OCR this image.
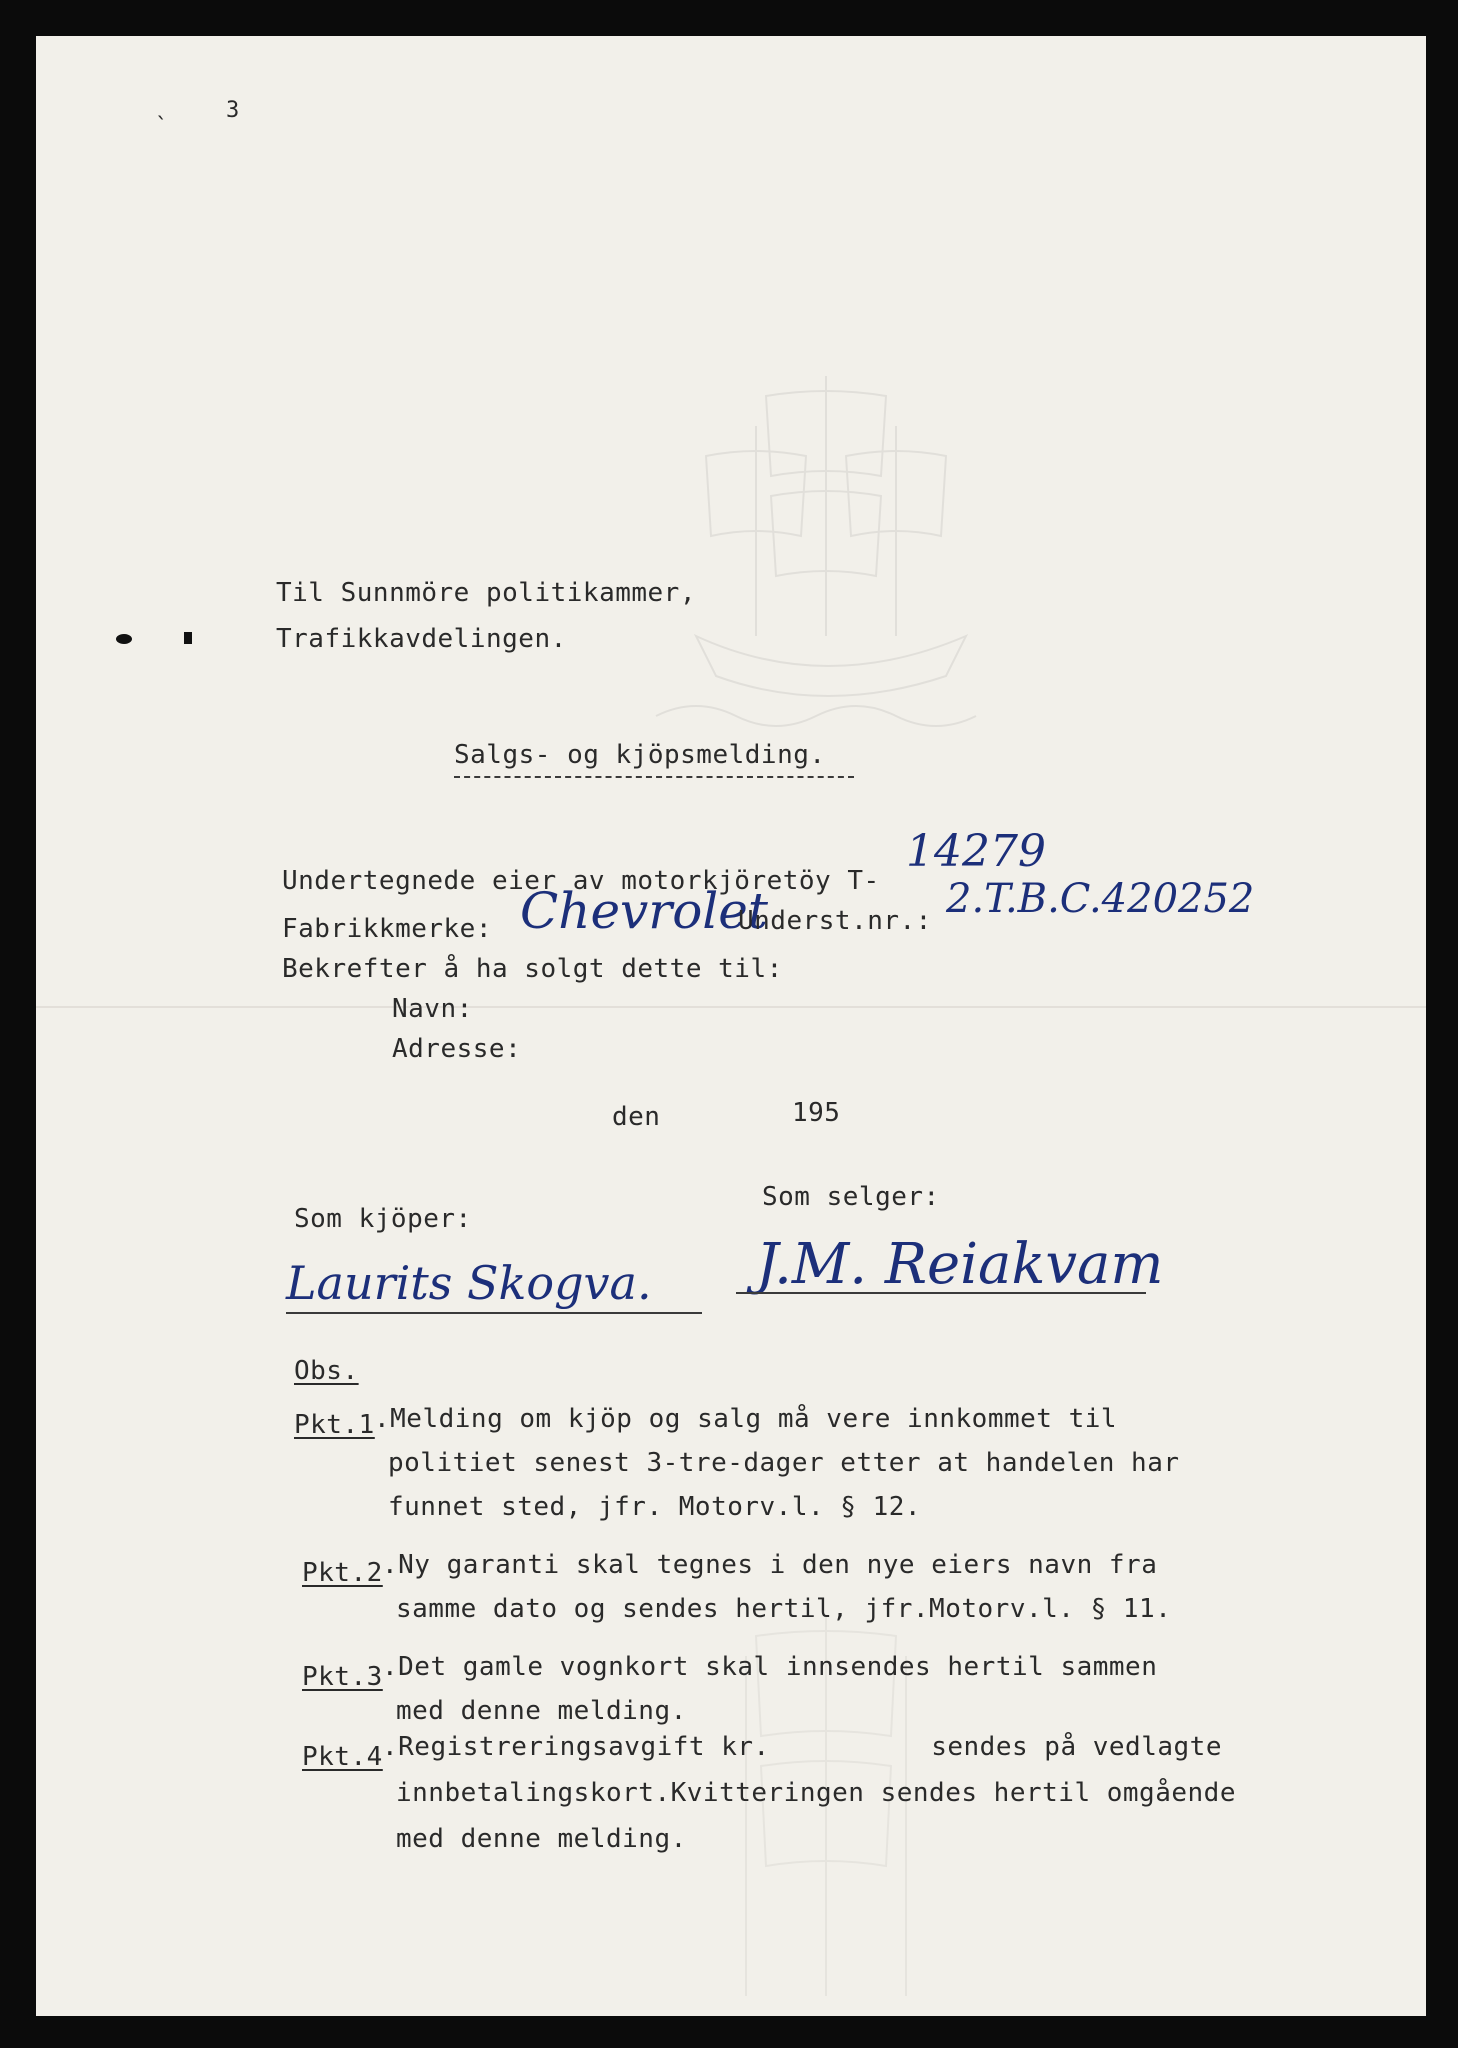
ˎ	3
Til Sunnmöre politikammer,
Trafikkavdelingen.
Salgs- og kjöpsmelding.
Undertegnede eier av motorkjöretöy T-
14279
Fabrikkmerke: Chevrolet
Underst.nr.: 2.T.B.C.420252
Bekrefter å ha solgt dette til:
Navn:
Adresse:
den	195
Som kjöper:
Som selger:
Laurits Skogva. J.M. Reiakvam
Obs.
Pkt.1 .Melding om kjöp og salg må vere innkommet til
politiet senest 3-tre-dager etter at handelen har
funnet sted, jfr. Motorv.l. § 12.
Pkt.2 .Ny garanti skal tegnes i den nye eiers navn fra
samme dato og sendes hertil, jfr.Motorv.l. § 11.
Pkt.3 .Det gamle vognkort skal innsendes hertil sammen
med denne melding.
Pkt.4 .Registreringsavgift kr.          sendes på vedlagte
innbetalingskort.Kvitteringen sendes hertil omgående
med denne melding.
